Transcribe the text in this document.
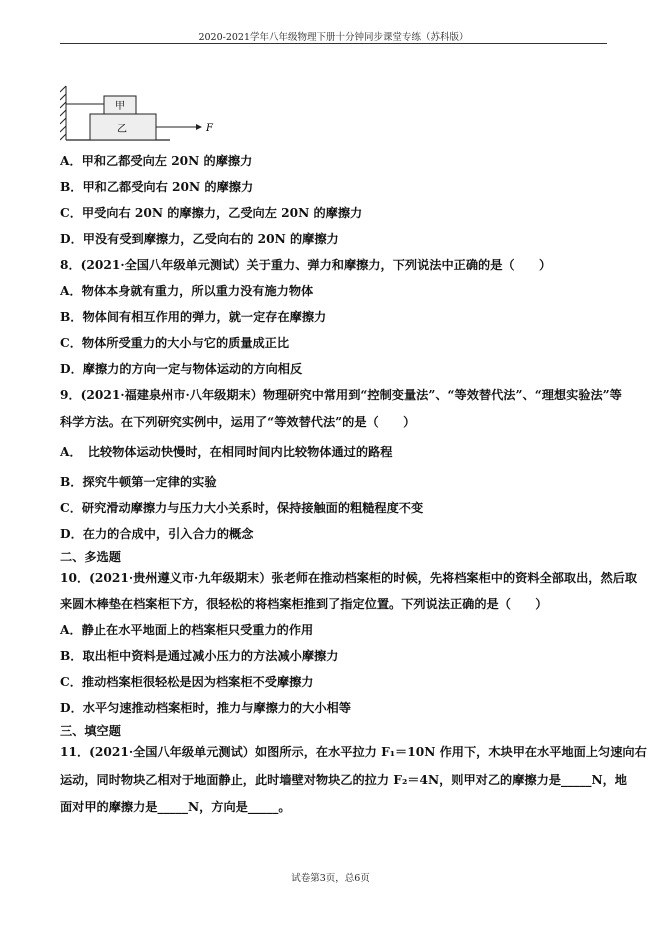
2020-2021学年八年级物理下册十分钟同步课堂专练（苏科版）
甲
乙	F
A．甲和乙都受向左 20N 的摩擦力
B．甲和乙都受向右 20N 的摩擦力
C．甲受向右 20N 的摩擦力，乙受向左 20N 的摩擦力
D．甲没有受到摩擦力，乙受向右的 20N 的摩擦力
8．(2021·全国八年级单元测试）关于重力、弹力和摩擦力，下列说法中正确的是（　　）
A．物体本身就有重力，所以重力没有施力物体
B．物体间有相互作用的弹力，就一定存在摩擦力
C．物体所受重力的大小与它的质量成正比
D．摩擦力的方向一定与物体运动的方向相反
9．(2021·福建泉州市·八年级期末）物理研究中常用到“控制变量法”、“等效替代法”、“理想实验法”等
科学方法。在下列研究实例中，运用了“等效替代法”的是（　　）
A．　比较物体运动快慢时，在相同时间内比较物体通过的路程
B．探究牛顿第一定律的实验
C．研究滑动摩擦力与压力大小关系时，保持接触面的粗糙程度不变
D．在力的合成中，引入合力的概念
二、多选题
10．(2021·贵州遵义市·九年级期末）张老师在推动档案柜的时候，先将档案柜中的资料全部取出，然后取
来圆木棒垫在档案柜下方，很轻松的将档案柜推到了指定位置。下列说法正确的是（　　）
A．静止在水平地面上的档案柜只受重力的作用
B．取出柜中资料是通过减小压力的方法减小摩擦力
C．推动档案柜很轻松是因为档案柜不受摩擦力
D．水平匀速推动档案柜时，推力与摩擦力的大小相等
三、填空题
11．(2021·全国八年级单元测试）如图所示，在水平拉力 F₁＝10N 作用下，木块甲在水平地面上匀速向右
运动，同时物块乙相对于地面静止，此时墙壁对物块乙的拉力 F₂＝4N，则甲对乙的摩擦力是_____N，地
面对甲的摩擦力是_____N，方向是_____。
试卷第3页，总6页
